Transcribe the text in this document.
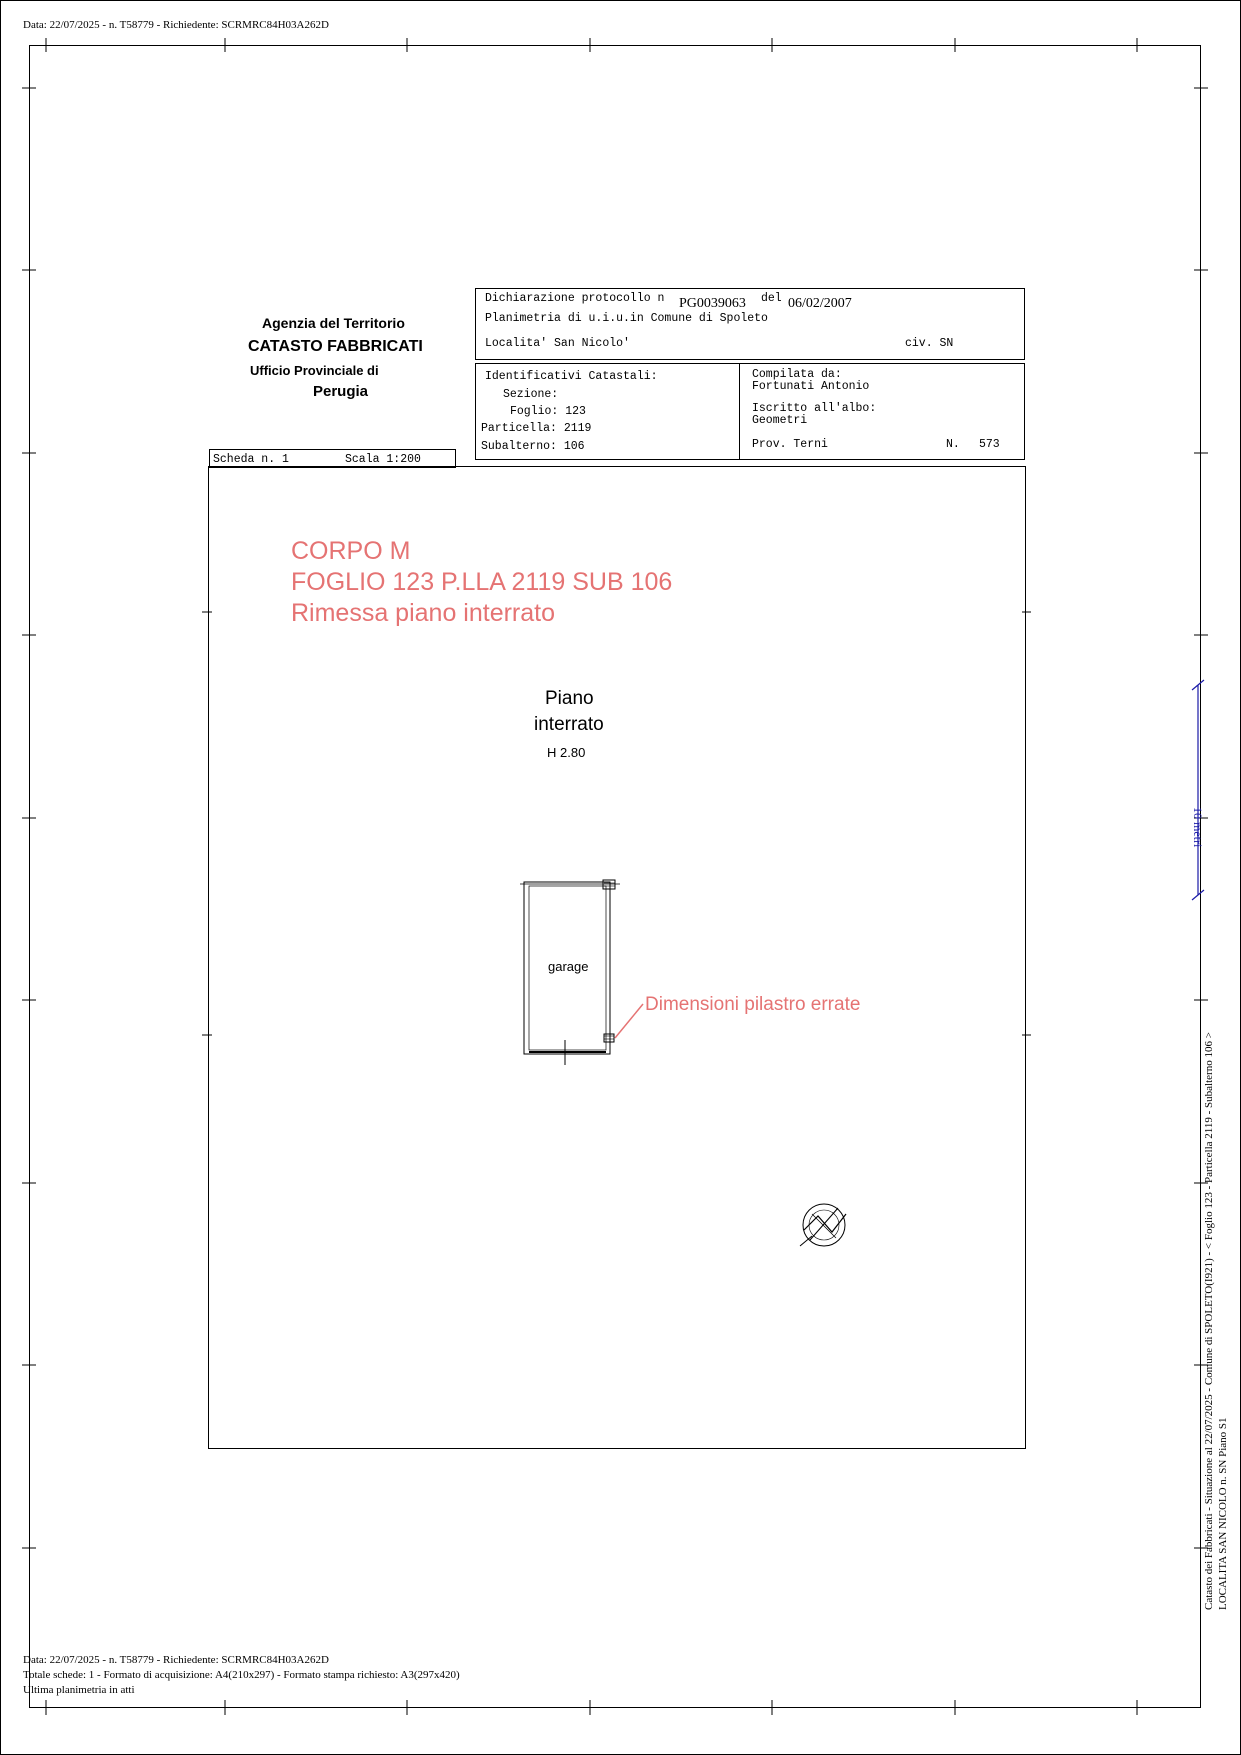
Data: 22/07/2025 - n. T58779 - Richiedente: SCRMRC84H03A262D
Agenzia del Territorio
CATASTO FABBRICATI
Ufficio Provinciale di
Perugia
Dichiarazione protocollo n PG0039063 del 06/02/2007
Planimetria di u.i.u.in Comune di Spoleto
Localita' San Nicolo'	civ. SN
Identificativi Catastali:
Sezione:
Foglio: 123
Particella: 2119
Subalterno: 106
Compilata da:
Fortunati Antonio
Iscritto all'albo:
Geometri
Prov. Terni	N. 573
Scheda n. 1	Scala 1:200
CORPO M
FOGLIO 123 P.LLA 2119 SUB 106
Rimessa piano interrato
Piano
interrato
H 2.80
garage
Dimensioni pilastro errate
10 metri
Catasto dei Fabbricati - Situazione al 22/07/2025 - Comune di SPOLETO(I921) - < Foglio 123 - Particella 2119 - Subalterno 106 > LOCALITA SAN NICOLO n. SN Piano S1
Data: 22/07/2025 - n. T58779 - Richiedente: SCRMRC84H03A262D
Totale schede: 1 - Formato di acquisizione: A4(210x297) - Formato stampa richiesto: A3(297x420)
Ultima planimetria in atti
